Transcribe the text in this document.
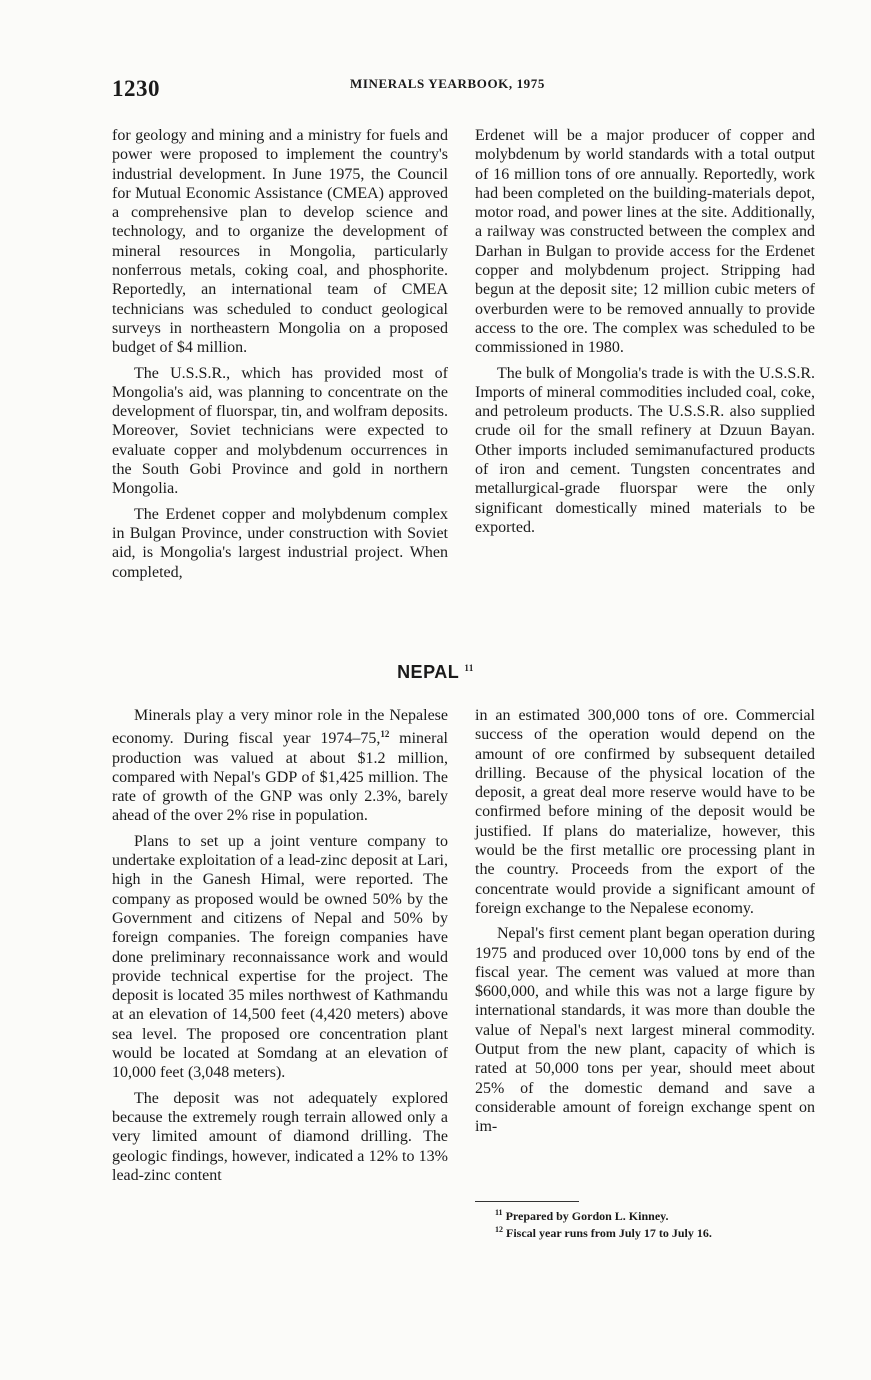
1230	MINERALS YEARBOOK, 1975

for geology and mining and a ministry for fuels and power were proposed to implement the country's industrial development. In June 1975, the Council for Mutual Economic Assistance (CMEA) approved a comprehensive plan to develop science and technology, and to organize the development of mineral resources in Mongolia, particularly nonferrous metals, coking coal, and phosphorite. Reportedly, an international team of CMEA technicians was scheduled to conduct geological surveys in northeastern Mongolia on a proposed budget of $4 million.

The U.S.S.R., which has provided most of Mongolia's aid, was planning to concentrate on the development of fluorspar, tin, and wolfram deposits. Moreover, Soviet technicians were expected to evaluate copper and molybdenum occurrences in the South Gobi Province and gold in northern Mongolia.

The Erdenet copper and molybdenum complex in Bulgan Province, under construction with Soviet aid, is Mongolia's largest industrial project. When completed,

Erdenet will be a major producer of copper and molybdenum by world standards with a total output of 16 million tons of ore annually. Reportedly, work had been completed on the building-materials depot, motor road, and power lines at the site. Additionally, a railway was constructed between the complex and Darhan in Bulgan to provide access for the Erdenet copper and molybdenum project. Stripping had begun at the deposit site; 12 million cubic meters of overburden were to be removed annually to provide access to the ore. The complex was scheduled to be commissioned in 1980.

The bulk of Mongolia's trade is with the U.S.S.R. Imports of mineral commodities included coal, coke, and petroleum products. The U.S.S.R. also supplied crude oil for the small refinery at Dzuun Bayan. Other imports included semimanufactured products of iron and cement. Tungsten concentrates and metallurgical-grade fluorspar were the only significant domestically mined materials to be exported.

NEPAL $^{11}$

Minerals play a very minor role in the Nepalese economy. During fiscal year 1974–75,12 mineral production was valued at about $1.2 million, compared with Nepal's GDP of $1,425 million. The rate of growth of the GNP was only 2.3%, barely ahead of the over 2% rise in population.

Plans to set up a joint venture company to undertake exploitation of a lead-zinc deposit at Lari, high in the Ganesh Himal, were reported. The company as proposed would be owned 50% by the Government and citizens of Nepal and 50% by foreign companies. The foreign companies have done preliminary reconnaissance work and would provide technical expertise for the project. The deposit is located 35 miles northwest of Kathmandu at an elevation of 14,500 feet (4,420 meters) above sea level. The proposed ore concentration plant would be located at Somdang at an elevation of 10,000 feet (3,048 meters).

The deposit was not adequately explored because the extremely rough terrain allowed only a very limited amount of diamond drilling. The geologic findings, however, indicated a 12% to 13% lead-zinc content

in an estimated 300,000 tons of ore. Commercial success of the operation would depend on the amount of ore confirmed by subsequent detailed drilling. Because of the physical location of the deposit, a great deal more reserve would have to be confirmed before mining of the deposit would be justified. If plans do materialize, however, this would be the first metallic ore processing plant in the country. Proceeds from the export of the concentrate would provide a significant amount of foreign exchange to the Nepalese economy.

Nepal's first cement plant began operation during 1975 and produced over 10,000 tons by end of the fiscal year. The cement was valued at more than $600,000, and while this was not a large figure by international standards, it was more than double the value of Nepal's next largest mineral commodity. Output from the new plant, capacity of which is rated at 50,000 tons per year, should meet about 25% of the domestic demand and save a considerable amount of foreign exchange spent on im-

$^{11}$ Prepared by Gordon L. Kinney.
$^{12}$ Fiscal year runs from July 17 to July 16.
